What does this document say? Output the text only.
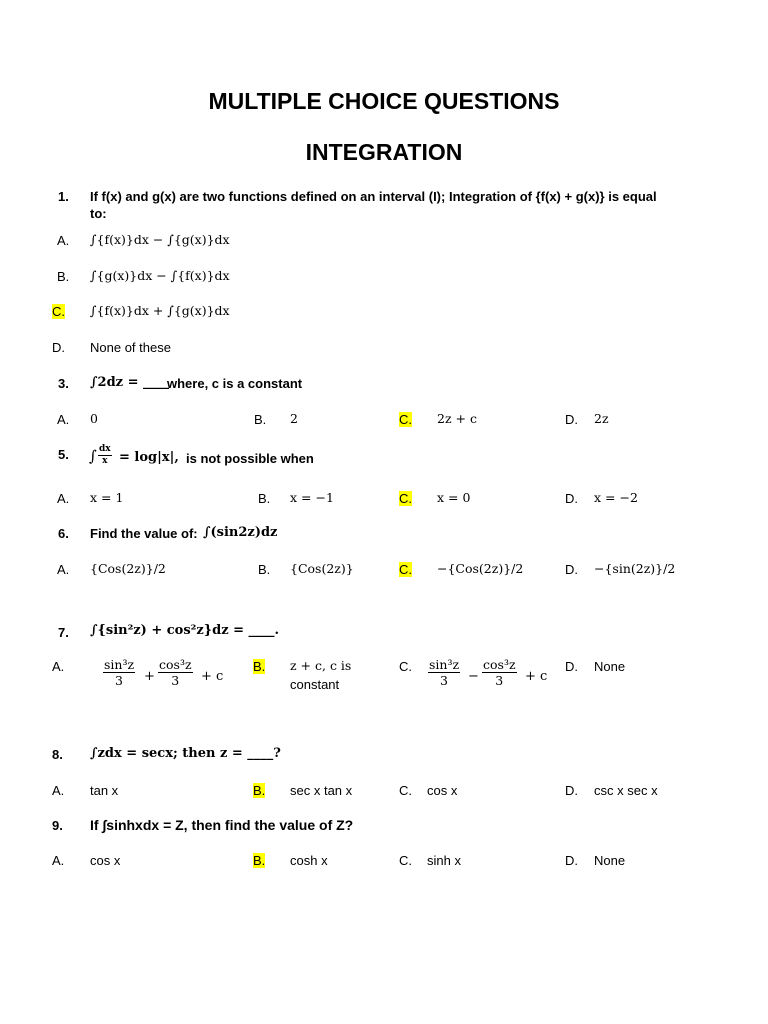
MULTIPLE CHOICE QUESTIONS
INTEGRATION
1. If f(x) and g(x) are two functions defined on an interval (I); Integration of {f(x) + g(x)} is equal
to:
A. ∫{f(x)}dx − ∫{g(x)}dx
B. ∫{g(x)}dx − ∫{f(x)}dx
C. ∫{f(x)}dx + ∫{g(x)}dx
D. None of these
3. ∫2dz = ____
where, c is a constant
A. 0	B. 2	C. 2z + c	D. 2z
5. ∫ $\frac{dx}{x} = \log|x|$, is not possible when
A. x = 1	B. x = −1	C. x = 0	D. x = −2
6. Find the value of: ∫(sin2z)dz
A. {Cos(2z)}/2	B. {Cos(2z)}	C. −{Cos(2z)}/2	D. −{sin(2z)}/2
7. ∫{sin²z) + cos²z}dz = ____.
A.	$\frac{\text{sin³z}}{3} + \frac{\text{cos³z}}{3} + c$
B. z + c, c is
constant
C. $\frac{\text{sin³z}}{3} - \frac{\text{cos³z}}{3} + c$
D. None
8. ∫zdx = secx; then z = ____?
A. tan x	B. sec x tan x	C. cos x	D. csc x sec x
9. If ∫sinhxdx = Z, then find the value of Z?
A. cos x	B. cosh x	C. sinh x	D. None
